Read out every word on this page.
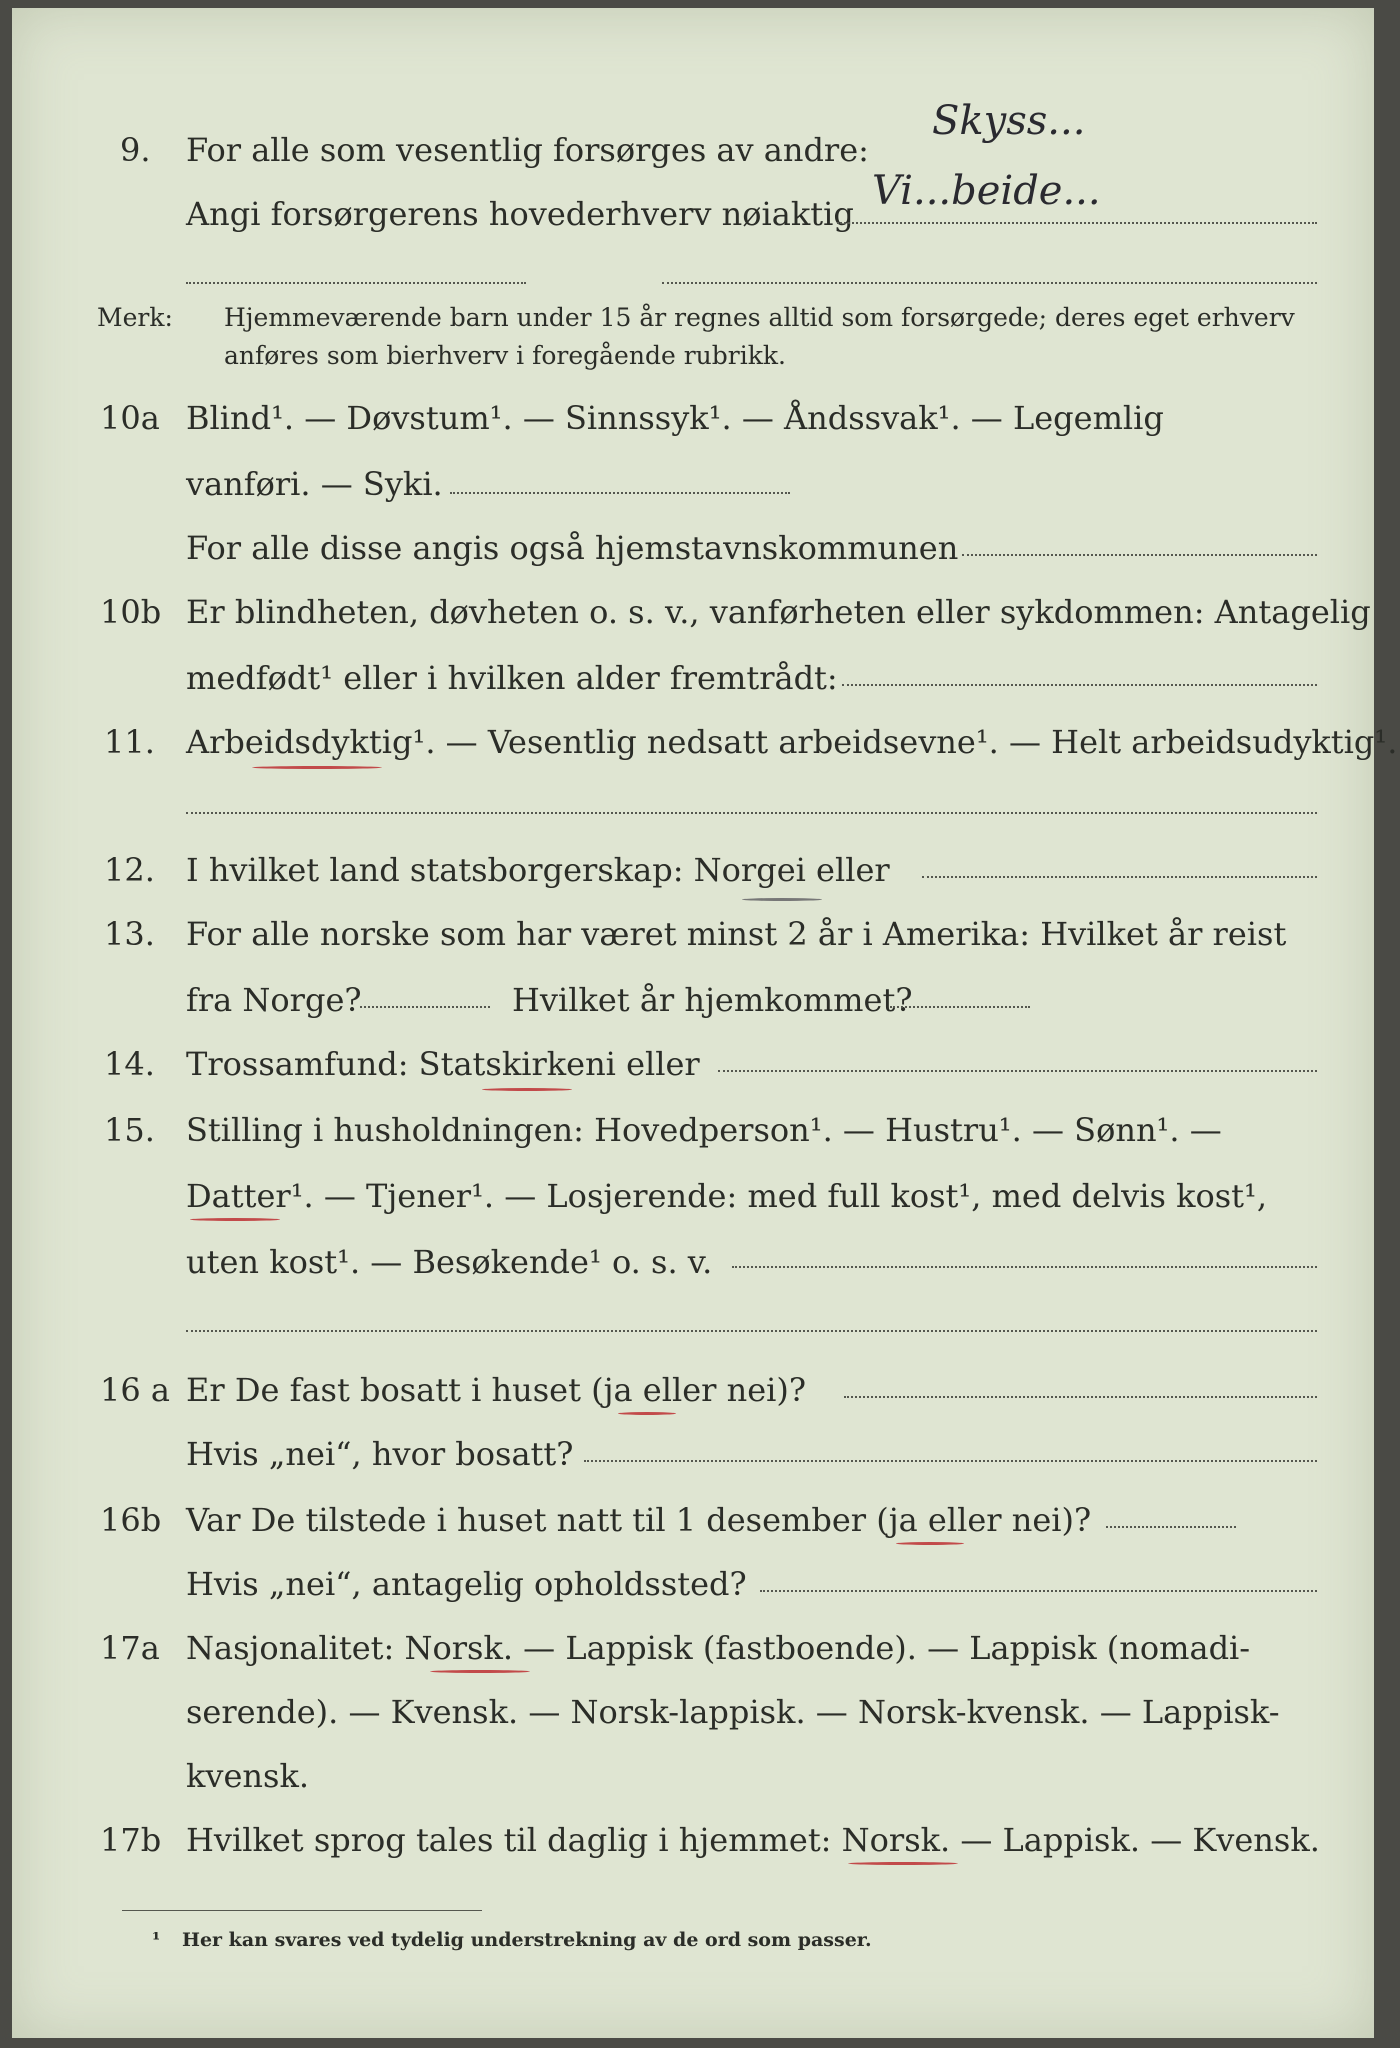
9. For alle som vesentlig forsørges av andre:
Angi forsørgerens hovederhverv nøiaktig
Skyss...
Vi...beide...
Merk: Hjemmeværende barn under 15 år regnes alltid som forsørgede; deres eget erhverv
anføres som bierhverv i foregående rubrikk.
10a Blind¹. — Døvstum¹. — Sinnssyk¹. — Åndssvak¹. — Legemlig
vanføri. — Syki.
For alle disse angis også hjemstavnskommunen
10b Er blindheten, døvheten o. s. v., vanførheten eller sykdommen: Antagelig
medfødt¹ eller i hvilken alder fremtrådt:
11. Arbeidsdyktig¹. — Vesentlig nedsatt arbeidsevne¹. — Helt arbeidsudyktig¹.
12. I hvilket land statsborgerskap: Norgei eller
13. For alle norske som har været minst 2 år i Amerika: Hvilket år reist
fra Norge?	Hvilket år hjemkommet?
14. Trossamfund: Statskirkeni eller
15. Stilling i husholdningen: Hovedperson¹. — Hustru¹. — Sønn¹. —
Datter¹. — Tjener¹. — Losjerende: med full kost¹, med delvis kost¹,
uten kost¹. — Besøkende¹ o. s. v.
16 a Er De fast bosatt i huset (ja eller nei)?
Hvis „nei“, hvor bosatt?
16b Var De tilstede i huset natt til 1 desember (ja eller nei)?
Hvis „nei“, antagelig opholdssted?
17a Nasjonalitet: Norsk. — Lappisk (fastboende). — Lappisk (nomadi-
serende). — Kvensk. — Norsk-lappisk. — Norsk-kvensk. — Lappisk-
kvensk.
17b Hvilket sprog tales til daglig i hjemmet: Norsk. — Lappisk. — Kvensk.
¹ Her kan svares ved tydelig understrekning av de ord som passer.
